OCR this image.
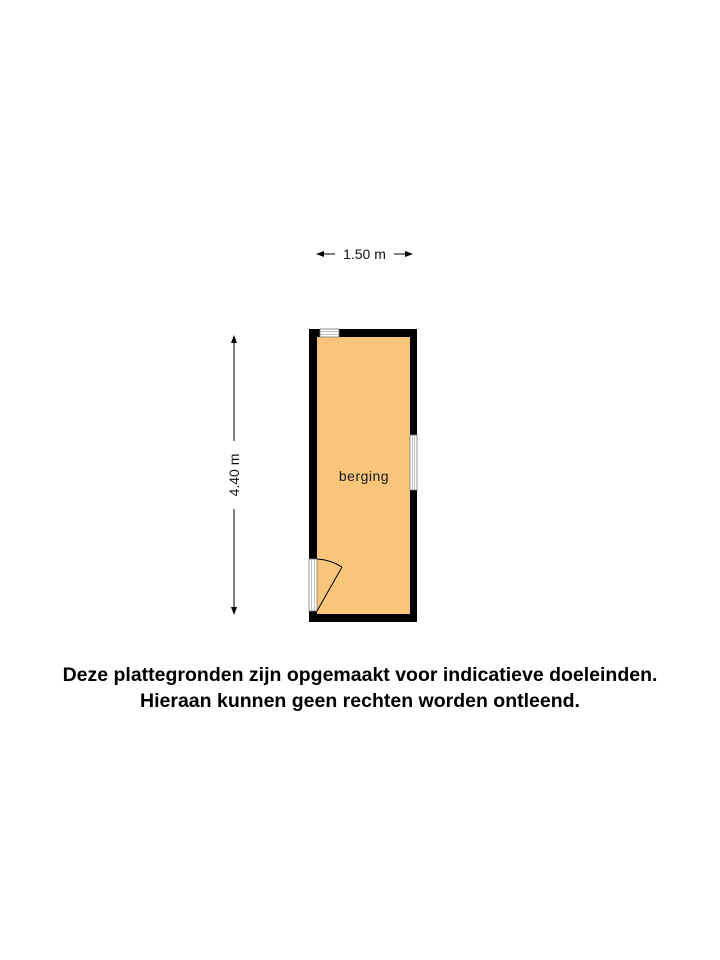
1.50 m
4.40 m	berging
Deze plattegronden zijn opgemaakt voor indicatieve doeleinden.
Hieraan kunnen geen rechten worden ontleend.
